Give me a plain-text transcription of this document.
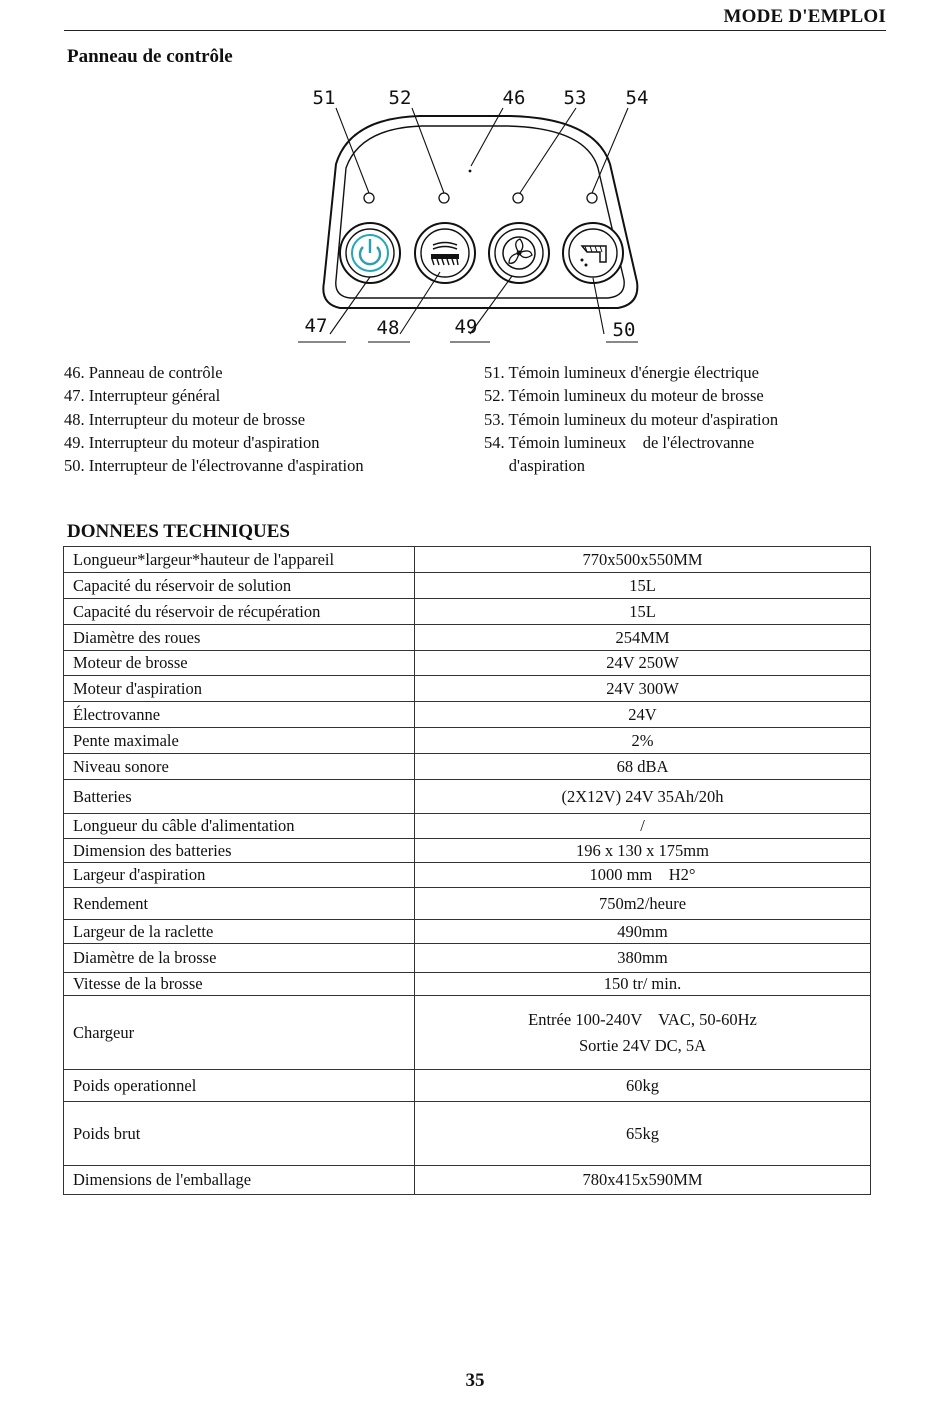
MODE D'EMPLOI
Panneau de contrôle
51	52	46 53 54
47	48	49	50
46. Panneau de contrôle
47. Interrupteur général
48. Interrupteur du moteur de brosse
49. Interrupteur du moteur d'aspiration
50. Interrupteur de l'électrovanne d'aspiration
51. Témoin lumineux d'énergie électrique
52. Témoin lumineux du moteur de brosse
53. Témoin lumineux du moteur d'aspiration
54. Témoin lumineux    de l'électrovanne
d'aspiration
DONNEES TECHNIQUES
Longueur*largeur*hauteur de l'appareil	770x500x550MM
Capacité du réservoir de solution	15L
Capacité du réservoir de récupération	15L
Diamètre des roues	254MM
Moteur de brosse	24V 250W
Moteur d'aspiration	24V 300W
Électrovanne	24V
Pente maximale	2%
Niveau sonore	68 dBA
Batteries	(2X12V) 24V 35Ah/20h
Longueur du câble d'alimentation	/
Dimension des batteries	196 x 130 x 175mm
Largeur d'aspiration	1000 mm    H2°
Rendement	750m2/heure
Largeur de la raclette	490mm
Diamètre de la brosse	380mm
Vitesse de la brosse	150 tr/ min.
Chargeur	Entrée 100-240V    VAC, 50-60Hz
Sortie 24V DC, 5A

Poids operationnel	60kg
Poids brut	65kg
Dimensions de l'emballage	780x415x590MM
35
